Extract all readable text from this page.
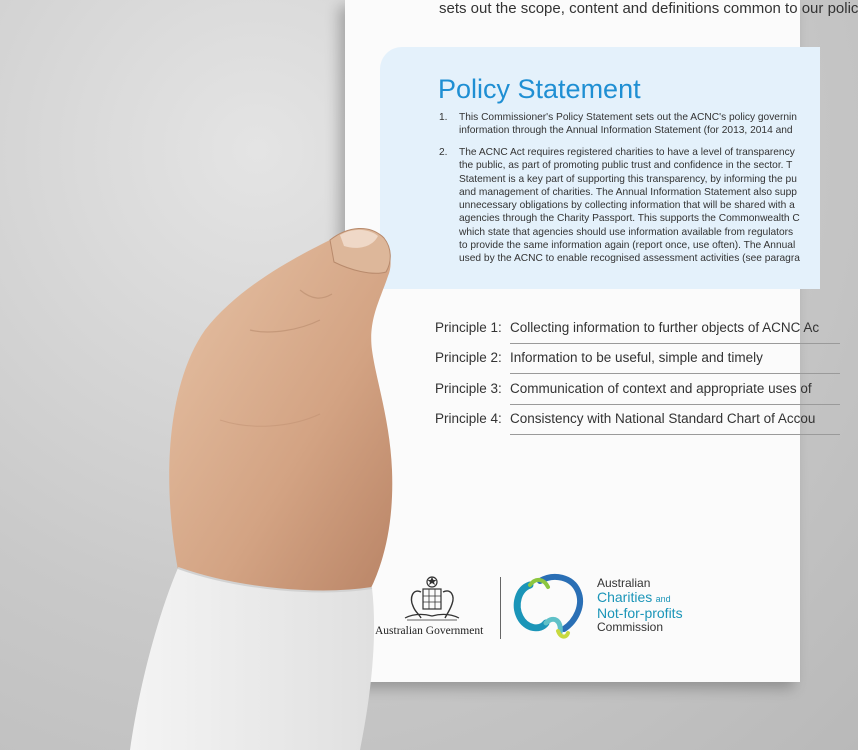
sets out the scope, content and definitions common to our polic
Policy Statement
1. This Commissioner's Policy Statement sets out the ACNC's policy governin
information through the Annual Information Statement (for 2013, 2014 and
2. The ACNC Act requires registered charities to have a level of transparency
the public, as part of promoting public trust and confidence in the sector. T
Statement is a key part of supporting this transparency, by informing the pu
and management of charities. The Annual Information Statement also supp
unnecessary obligations by collecting information that will be shared with a
agencies through the Charity Passport. This supports the Commonwealth C
which state that agencies should use information available from regulators
to provide the same information again (report once, use often). The Annual
used by the ACNC to enable recognised assessment activities (see paragra
Principle 1: Collecting information to further objects of ACNC Ac
Principle 2: Information to be useful, simple and timely
Principle 3: Communication of context and appropriate uses of
Principle 4: Consistency with National Standard Chart of Accou
Australian Government
Australian
Charities and
Not-for-profits
Commission
